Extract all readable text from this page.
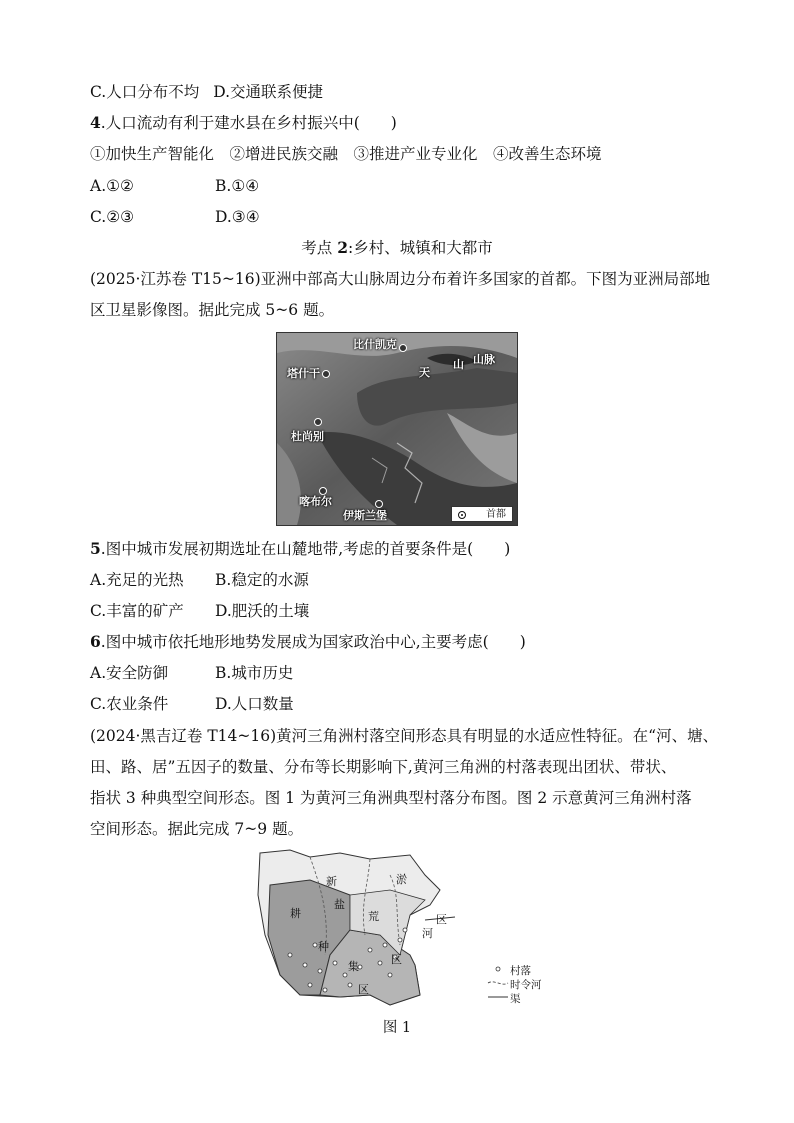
C.人口分布不均 D.交通联系便捷
4.人口流动有利于建水县在乡村振兴中(　　)
①加快生产智能化　②增进民族交融　③推进产业专业化　④改善生态环境
A.①②	B.①④
C.②③	D.③④
考点 2:乡村、城镇和大都市
(2025·江苏卷 T15~16)亚洲中部高大山脉周边分布着许多国家的首都。下图为亚洲局部地
区卫星影像图。据此完成 5~6 题。
比什凯克
塔什干	天
山 山脉
杜尚别
喀布尔
伊斯兰堡	首都
5.图中城市发展初期选址在山麓地带,考虑的首要条件是(　　)
A.充足的光热 B.稳定的水源
C.丰富的矿产 D.肥沃的土壤
6.图中城市依托地形地势发展成为国家政治中心,主要考虑(　　)
A.安全防御	B.城市历史
C.农业条件	D.人口数量
(2024·黑吉辽卷 T14~16)黄河三角洲村落空间形态具有明显的水适应性特征。在“河、塘、
田、路、居”五因子的数量、分布等长期影响下,黄河三角洲的村落表现出团状、带状、
指状 3 种典型空间形态。图 1 为黄河三角洲典型村落分布图。图 2 示意黄河三角洲村落
空间形态。据此完成 7~9 题。
新	淤
盐
荒
耕
种
区
河
区
集
区
村落
时令河
渠
图 1
